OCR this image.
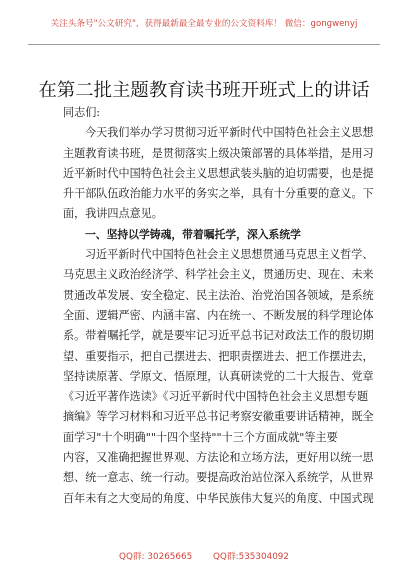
关注头条号"公文研究"，获得最新最全最专业的公文资料库！ 微信：gongwenyj
在第二批主题教育读书班开班式上的讲话
同志们:
今天我们举办学习贯彻习近平新时代中国特色社会主义思想
主题教育读书班，是贯彻落实上级决策部署的具体举措，是用习
近平新时代中国特色社会主义思想武装头脑的迫切需要，也是提
升干部队伍政治能力水平的务实之举，具有十分重要的意义。下
面，我讲四点意见。
一、坚持以学铸魂，带着嘱托学，深入系统学
习近平新时代中国特色社会主义思想贯通马克思主义哲学、
马克思主义政治经济学、科学社会主义，贯通历史、现在、未来
贯通改革发展、安全稳定、民主法治、治党治国各领域，是系统
全面、逻辑严密、内涵丰富、内在统一、不断发展的科学理论体
系。带着嘱托学，就是要牢记习近平总书记对政法工作的殷切期
望、重要指示，把自己摆进去、把职责摆进去、把工作摆进去，
坚持读原著、学原文、悟原理，认真研读党的二十大报告、党章
《习近平著作选读》《习近平新时代中国特色社会主义思想专题
摘编》等学习材料和习近平总书记考察安徽重要讲话精神，既全
面学习"十个明确""十四个坚持""十三个方面成就"等主要
内容，又准确把握世界观、方法论和立场方法，更好用以统一思
想、统一意志、统一行动。要提高政治站位深入系统学，从世界
百年未有之大变局的角度、中华民族伟大复兴的角度、中国式现
QQ群: 30265665 QQ群:535304092
